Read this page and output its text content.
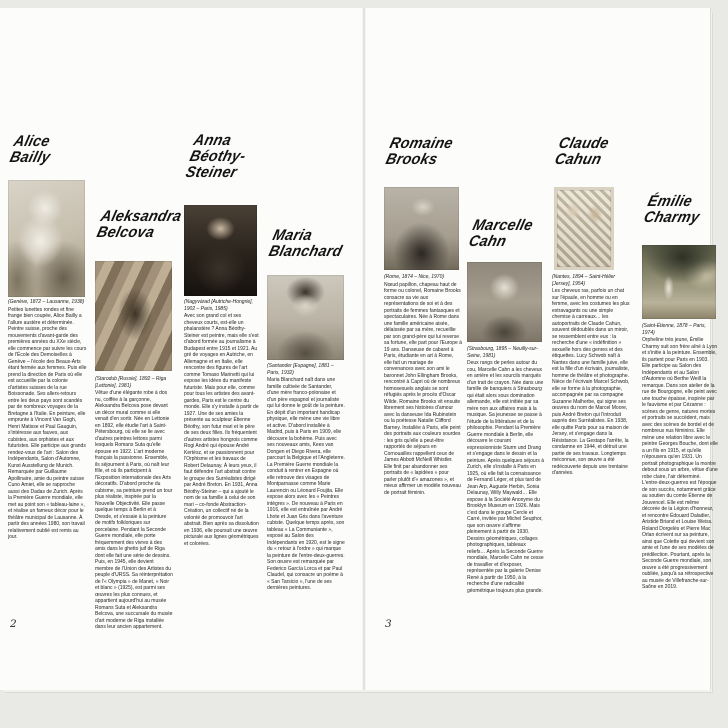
Alice
Bailly

(Genève, 1872 – Lausanne, 1938)

Petites lunettes rondes et fine frange bien coupée, Alice Bailly a l'allure austère et déterminée. Peintre suisse, proche des mouvements d'avant-garde des premières années du XXe siècle, elle commence par suivre les cours de l'École des Demoiselles à Genève – l'école des Beaux-Arts étant fermée aux femmes. Puis elle prend la direction de Paris où elle est accueillie par la colonie d'artistes suisses de la rue Boissonade. Ses allers-retours entre les deux pays sont scandés par de nombreux voyages de la Bretagne à l'Italie. En peinture, elle emprunte à Vincent Van Gogh, Henri Matisse et Paul Gauguin, s'intéresse aux fauves, aux cubistes, aux orphistes et aux futuristes. Elle participe aux grands rendez-vous de l'art : Salon des Indépendants, Salon d'Automne, Kunst Ausstellung de Munich. Remarquée par Guillaume Apollinaire, amie du peintre suisse Cuno Amiet, elle se rapproche aussi des Dadas de Zurich. Après la Première Guerre mondiale, elle met au point son « tableau-laine », et réalise un fameux décor pour le théâtre municipal de Lausanne. À partir des années 1980, son travail relativement oublié est remis au jour.

Aleksandra
Belcova

(Starodub [Russie], 1892 – Riga [Lettonie], 1981)

Vêtue d'une élégante robe à dos nu, coiffée à la garçonne, Aleksandra Belcova pose devant un décor mural comme si elle venait d'en sortir. Née en Lettonie en 1892, elle étudie l'art à Saint-Pétersbourg, où elle se lie avec d'autres peintres lettons parmi lesquels Romans Suta qu'elle épouse en 1922. L'art moderne français la passionne. Ensemble, ils séjournent à Paris, où naît leur fille, et où ils participent à l'Exposition internationale des Arts décoratifs. D'abord proche du cubisme, sa peinture prend un tour plus réaliste, inspirée par la Nouvelle Objectivité. Elle passe quelque temps à Berlin et à Dresde, et s'essaie à la peinture de motifs folkloriques sur porcelaine. Pendant la Seconde Guerre mondiale, elle porte fréquemment des vivres à des amis dans le ghetto juif de Riga dont elle fait une série de dessins. Puis, en 1945, elle devient membre de l'Union des Artistes du peuple d'URSS. Sa réinterprétation de l'« Olympia » de Manet, « Noir et blanc » (1925), est parmi ses œuvres les plus connues, et appartient aujourd'hui au musée Romans Suta et Aleksandra Belcova, une succursale du musée d'art moderne de Riga installée dans leur ancien appartement.

Anna
Béothy-
Steiner

(Nagyvárad [Autriche-Hongrie], 1902 – Paris, 1985)

Avec son grand col et ses cheveux courts, est-elle un phalanstère ? Anna Béothy-Steiner est peintre, mais elle s'est d'abord formée au journalisme à Budapest entre 1915 et 1921. Au gré de voyages en Autriche, en Allemagne et en Italie, elle rencontre des figures de l'art comme Tomaso Marinetti qui lui expose les idées du manifeste futuriste. Mais pour elle, comme pour tous les artistes des avant-gardes, Paris est le centre du monde. Elle s'y installe à partir de 1927. Une de ses amies la présente au sculpteur Étienne Béothy, son futur mari et le père de ses deux filles. Ils fréquentent d'autres artistes hongrois comme Rogi André qui épouse André Kertész, et se passionnent pour l'Orphisme et les travaux de Robert Delaunay. À leurs yeux, il faut défendre l'art abstrait contre le groupe des Surréalistes dirigé par André Breton. En 1931, Anna Béothy-Steiner – qui a ajouté le nom de sa famille à celui de son mari – co-fonde Abstraction-Création, un collectif né de la volonté de promouvoir l'art abstrait. Bien après sa dissolution en 1936, elle poursuit une œuvre picturale aux lignes géométriques et colorées.

Maria
Blanchard

(Santander [Espagne], 1881 – Paris, 1932)

Maria Blanchard naît dans une famille cultivée de Santander, d'une mère franco-polonaise et d'un père espagnol et journaliste qui lui donne le goût de la peinture. En dépit d'un important handicap physique, elle mène une vie libre et active. D'abord installée à Madrid, puis à Paris en 1909, elle découvre la bohème. Puis avec ses nouveaux amis, Kees van Dongen et Diego Rivera, elle parcourt la Belgique et l'Angleterre. La Première Guerre mondiale la conduit à rentrer en Espagne où elle retrouve des visages de Montparnasse comme Marie Laurencin ou Léonard Foujita. Elle expose alors avec les « Peintres intègres ». De nouveau à Paris en 1916, elle est entraînée par André Lhote et Juan Gris dans l'aventure cubiste. Quelque temps après, son tableau « La Communiante », exposé au Salon des Indépendants en 1920, est le signe du « retour à l'ordre » qui marque la peinture de l'entre-deux-guerres. Son œuvre est remarquée par Federico García Lorca et par Paul Claudel, qui consacre un poème à « San Tarsicio », l'une de ses dernières peintures.

2
Romaine
Brooks

(Rome, 1874 – Nice, 1970)

Nœud papillon, chapeau haut de forme ou colonel, Romaine Brooks consacre sa vie aux représentations de soi et à des portraits de femmes fantasques et spectaculaires. Née à Rome dans une famille américaine aisée, délaissée par sa mère, recueillie par son grand-père qui lui reverse sa fortune, elle part pour l'Europe à 19 ans. Danseuse de cabaret à Paris, étudiante en art à Rome, elle fait un mariage de convenances avec son ami le baronnet John Ellingham Brooks, rencontré à Capri où de nombreux homosexuels anglais se sont réfugiés après le procès d'Oscar Wilde. Romaine Brooks vit ensuite librement ses histoires d'amour avec la danseuse Ida Rubinstein ou la poétesse Natalie Clifford Barney. Installée à Paris, elle peint des portraits aux couleurs sourdes : les gris qu'elle a peut-être rapportés de séjours en Cornouailles rappellent ceux de James Abbott McNeill Whistler. Elle finit par abandonner ses portraits de « lapidées » pour parler plutôt d'« amazones », et mieux affirmer un modèle nouveau de portrait féminin.

Marcelle
Cahn

(Strasbourg, 1895 – Neuilly-sur-Seine, 1981)

Deux rangs de perles autour du cou, Marcelle Cahn a les cheveux en arrière et les sourcils marqués d'un trait de crayon. Née dans une famille de banquiers à Strasbourg qui était alors sous domination allemande, elle est initiée par sa mère non aux affaires mais à la musique. Sa jeunesse se passe à l'étude de la littérature et de la philosophie. Pendant la Première Guerre mondiale à Berlin, elle découvre le courant expressionniste Sturm und Drang et s'engage dans le dessin et la peinture. Après quelques séjours à Zurich, elle s'installe à Paris en 1925, où elle fait la connaissance de Fernand Léger, et plus tard de Jean Arp, Auguste Herbin, Sonia Delaunay, Willy Maywald… Elle expose à la Société Anonyme du Brooklyn Museum en 1926. Mais c'est dans le groupe Cercle et Carré, invitée par Michel Seuphor, que son œuvre s'affirme pleinement à partir de 1930. Dessins géométriques, collages photographiques, tableaux reliefs… Après la Seconde Guerre mondiale, Marcelle Cahn ne cesse de travailler et d'exposer, représentée par la galerie Denise René à partir de 1950, à la recherche d'une radicalité géométrique toujours plus grande.

Claude
Cahun

(Nantes, 1894 – Saint-Hélier [Jersey], 1954)

Les cheveux ras, parfois un chat sur l'épaule, en homme ou en femme, avec les costumes les plus extravagants ou une simple chemise à carreaux… les autoportraits de Claude Cahun, souvent dédoublés dans un miroir, se ressemblent entre eux : la recherche d'une « indéfinition » sexuelle hors des genres et des étiquettes. Lucy Schwob naît à Nantes dans une famille juive, elle est la fille d'un écrivain, journaliste, homme de théâtre et photographe. Nièce de l'écrivain Marcel Schwob, elle se forme à la photographie, accompagnée par sa compagne Suzanne Malherbe, qui signe ses œuvres du nom de Marcel Moore, puis André Breton qui l'introduit auprès des Surréalistes. En 1938, elle quitte Paris pour sa maison de Jersey, et s'engage dans la Résistance. La Gestapo l'arrête, la condamne en 1944, et détruit une partie de ses travaux. Longtemps méconnue, son œuvre a été redécouverte depuis une trentaine d'années.

Émilie
Charmy

(Saint-Étienne, 1878 – Paris, 1974)

Orpheline très jeune, Émilie Charmy suit son frère aîné à Lyon et s'initie à la peinture. Ensemble, ils partent pour Paris en 1903. Elle participe au Salon des Indépendants et au Salon d'Automne où Berthe Weill la remarque. Dans son atelier de la rue de Bourgogne, elle peint avec une touche épaisse, inspirée par le fauvisme et par Cézanne : scènes de genre, natures mortes et portraits se succèdent, mais avec des scènes de bordel et de nombreux nus féminins. Elle mène une relation libre avec le peintre Georges Bouche, dont elle a un fils en 1915, et qu'elle n'épousera qu'en 1931. Un portrait photographique la montre debout sous un arbre, vêtue d'une robe claire, l'air déterminé. L'entre-deux-guerres est l'époque de son succès, notamment grâce au soutien du comte Étienne de Jouvencel. Elle est même décorée de la Légion d'honneur, et rencontre Édouard Daladier, Aristide Briand et Louise Weiss. Roland Dorgelès et Pierre Mac Orlan écrivent sur sa peinture, ainsi que Colette qui devient son amie et l'une de ses modèles de prédilection. Pourtant, après la Seconde Guerre mondiale, son œuvre a été progressivement oubliée, jusqu'à sa rétrospective au musée de Villefranche-sur-Saône en 2019.

3
